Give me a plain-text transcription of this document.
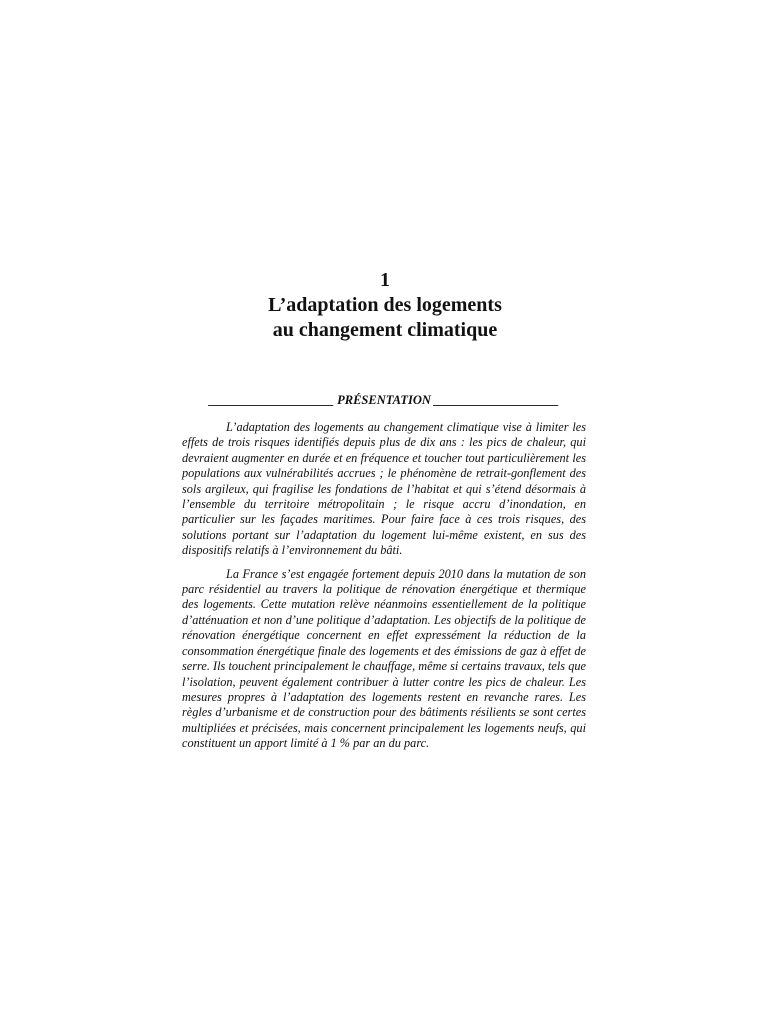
1
L’adaptation des logements
au changement climatique
____________________ PRÉSENTATION ____________________

L’adaptation des logements au changement climatique vise à limiter les effets de trois risques identifiés depuis plus de dix ans : les pics de chaleur, qui devraient augmenter en durée et en fréquence et toucher tout particulièrement les populations aux vulnérabilités accrues ; le phénomène de retrait-gonflement des sols argileux, qui fragilise les fondations de l’habitat et qui s’étend désormais à l’ensemble du territoire métropolitain ; le risque accru d’inondation, en particulier sur les façades maritimes. Pour faire face à ces trois risques, des solutions portant sur l’adaptation du logement lui-même existent, en sus des dispositifs relatifs à l’environnement du bâti.

La France s’est engagée fortement depuis 2010 dans la mutation de son parc résidentiel au travers la politique de rénovation énergétique et thermique des logements. Cette mutation relève néanmoins essentiellement de la politique d’atténuation et non d’une politique d’adaptation. Les objectifs de la politique de rénovation énergétique concernent en effet expressément la réduction de la consommation énergétique finale des logements et des émissions de gaz à effet de serre. Ils touchent principalement le chauffage, même si certains travaux, tels que l’isolation, peuvent également contribuer à lutter contre les pics de chaleur. Les mesures propres à l’adaptation des logements restent en revanche rares. Les règles d’urbanisme et de construction pour des bâtiments résilients se sont certes multipliées et précisées, mais concernent principalement les logements neufs, qui constituent un apport limité à 1 % par an du parc.
